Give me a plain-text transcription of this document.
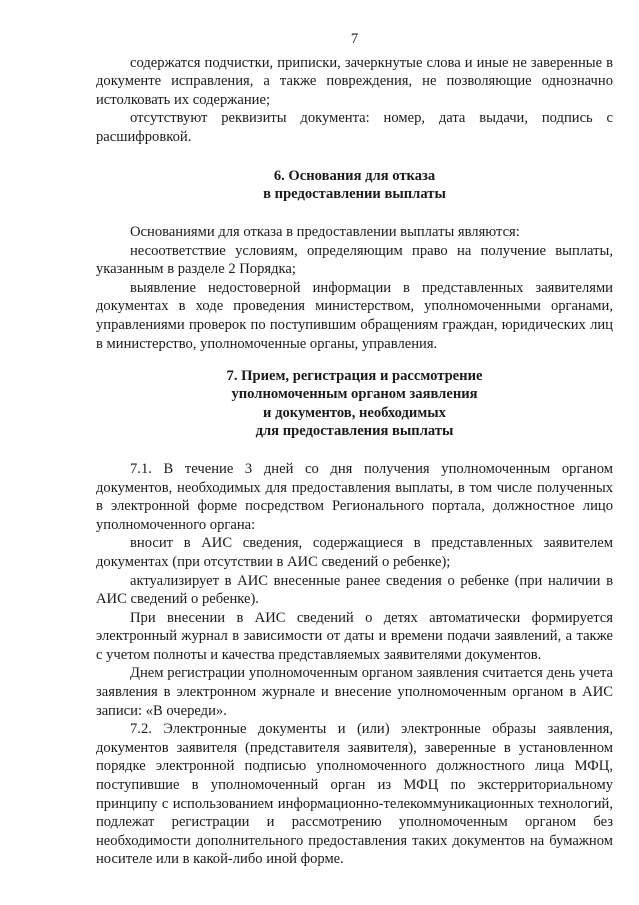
7

содержатся подчистки, приписки, зачеркнутые слова и иные не заверенные в документе исправления, а также повреждения, не позволяющие однозначно истолковать их содержание;

отсутствуют реквизиты документа: номер, дата выдачи, подпись с расшифровкой.

6. Основания для отказа
в предоставлении выплаты

Основаниями для отказа в предоставлении выплаты являются:

несоответствие условиям, определяющим право на получение выплаты, указанным в разделе 2 Порядка;

выявление недостоверной информации в представленных заявителями документах в ходе проведения министерством, уполномоченными органами, управлениями проверок по поступившим обращениям граждан, юридических лиц в министерство, уполномоченные органы, управления.

7. Прием, регистрация и рассмотрение
уполномоченным органом заявления
и документов, необходимых
для предоставления выплаты

7.1. В течение 3 дней со дня получения уполномоченным органом документов, необходимых для предоставления выплаты, в том числе полученных в электронной форме посредством Регионального портала, должностное лицо уполномоченного органа:

вносит в АИС сведения, содержащиеся в представленных заявителем документах (при отсутствии в АИС сведений о ребенке);

актуализирует в АИС внесенные ранее сведения о ребенке (при наличии в АИС сведений о ребенке).

При внесении в АИС сведений о детях автоматически формируется электронный журнал в зависимости от даты и времени подачи заявлений, а также с учетом полноты и качества представляемых заявителями документов.

Днем регистрации уполномоченным органом заявления считается день учета заявления в электронном журнале и внесение уполномоченным органом в АИС записи: «В очереди».

7.2. Электронные документы и (или) электронные образы заявления, документов заявителя (представителя заявителя), заверенные в установленном порядке электронной подписью уполномоченного должностного лица МФЦ, поступившие в уполномоченный орган из МФЦ по экстерриториальному принципу с использованием информационно-телекоммуникационных технологий, подлежат регистрации и рассмотрению уполномоченным органом без необходимости дополнительного предоставления таких документов на бумажном носителе или в какой-либо иной форме.
